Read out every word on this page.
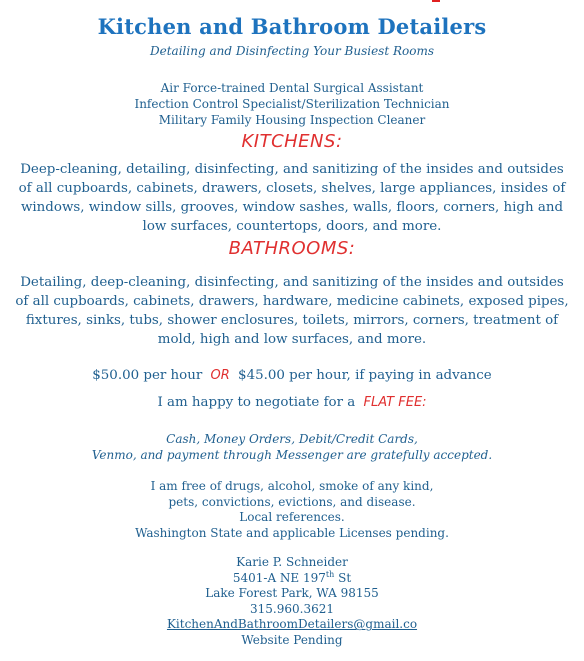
Kitchen and Bathroom Detailers
Detailing and Disinfecting Your Busiest Rooms
Air Force-trained Dental Surgical Assistant
Infection Control Specialist/Sterilization Technician
Military Family Housing Inspection Cleaner
KITCHENS:
Deep-cleaning, detailing, disinfecting, and sanitizing of the insides and outsides of all cupboards, cabinets, drawers, closets, shelves, large appliances, insides of windows, window sills, grooves, window sashes, walls, floors, corners, high and low surfaces, countertops, doors, and more.
BATHROOMS:
Detailing, deep-cleaning, disinfecting, and sanitizing of the insides and outsides of all cupboards, cabinets, drawers, hardware, medicine cabinets, exposed pipes, fixtures, sinks, tubs, shower enclosures, toilets, mirrors, corners, treatment of mold, high and low surfaces, and more.
$50.00 per hour OR $45.00 per hour, if paying in advance
I am happy to negotiate for a FLAT FEE:
Cash, Money Orders, Debit/Credit Cards,
Venmo, and payment through Messenger are gratefully accepted.
I am free of drugs, alcohol, smoke of any kind,
pets, convictions, evictions, and disease.
Local references.
Washington State and applicable Licenses pending.
Karie P. Schneider
5401-A NE 197th St
Lake Forest Park, WA 98155
315.960.3621
KitchenAndBathroomDetailers@gmail.co
Website Pending
